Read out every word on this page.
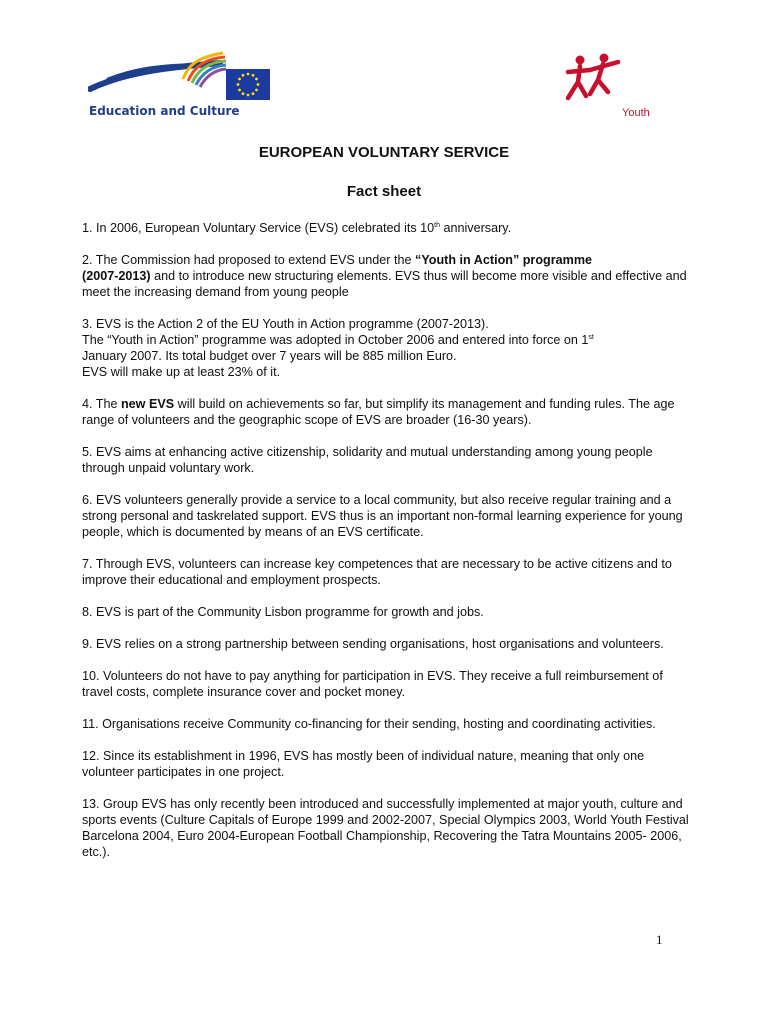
Education and Culture	Youth
EUROPEAN VOLUNTARY SERVICE
Fact sheet

1. In 2006, European Voluntary Service (EVS) celebrated its 10th anniversary.

2. The Commission had proposed to extend EVS under the “Youth in Action” programme
(2007-2013) and to introduce new structuring elements. EVS thus will become more visible and effective and meet the increasing demand from young people

3. EVS is the Action 2 of the EU Youth in Action programme (2007-2013).
The “Youth in Action” programme was adopted in October 2006 and entered into force on 1st
January 2007. Its total budget over 7 years will be 885 million Euro.
EVS will make up at least 23% of it.

4. The new EVS will build on achievements so far, but simplify its management and funding rules. The age range of volunteers and the geographic scope of EVS are broader (16-30 years).

5. EVS aims at enhancing active citizenship, solidarity and mutual understanding among young people through unpaid voluntary work.

6. EVS volunteers generally provide a service to a local community, but also receive regular training and a strong personal and taskrelated support. EVS thus is an important non-formal learning experience for young people, which is documented by means of an EVS certificate.

7. Through EVS, volunteers can increase key competences that are necessary to be active citizens and to improve their educational and employment prospects.

8. EVS is part of the Community Lisbon programme for growth and jobs.

9. EVS relies on a strong partnership between sending organisations, host organisations and volunteers.

10. Volunteers do not have to pay anything for participation in EVS. They receive a full reimbursement of travel costs, complete insurance cover and pocket money.

11. Organisations receive Community co-financing for their sending, hosting and coordinating activities.

12. Since its establishment in 1996, EVS has mostly been of individual nature, meaning that only one volunteer participates in one project.

13. Group EVS has only recently been introduced and successfully implemented at major youth, culture and sports events (Culture Capitals of Europe 1999 and 2002-2007, Special Olympics 2003, World Youth Festival Barcelona 2004, Euro 2004-European Football Championship, Recovering the Tatra Mountains 2005- 2006, etc.).

1
